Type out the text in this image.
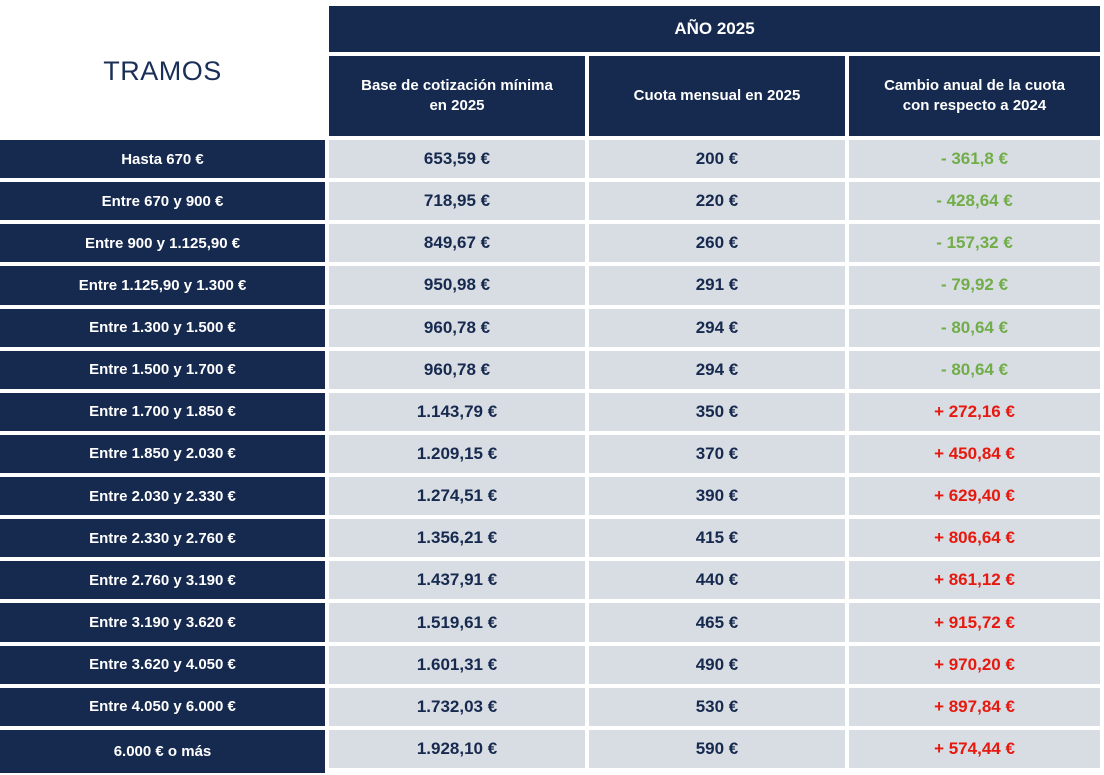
TRAMOS
AÑO 2025
Base de cotización mínima en 2025
Cuota mensual en 2025
Cambio anual de la cuota con respecto a 2024
Hasta 670 €	653,59 €	200 €	- 361,8 €
Entre 670 y 900 €	718,95 €	220 €	- 428,64 €
Entre 900 y 1.125,90 €	849,67 €	260 €	- 157,32 €
Entre 1.125,90 y 1.300 €	950,98 €	291 €	- 79,92 €
Entre 1.300 y 1.500 €	960,78 €	294 €	- 80,64 €
Entre 1.500 y 1.700 €	960,78 €	294 €	- 80,64 €
Entre 1.700 y 1.850 €	1.143,79 €	350 €	+ 272,16 €
Entre 1.850 y 2.030 €	1.209,15 €	370 €	+ 450,84 €
Entre 2.030 y 2.330 €	1.274,51 €	390 €	+ 629,40 €
Entre 2.330 y 2.760 €	1.356,21 €	415 €	+ 806,64 €
Entre 2.760 y 3.190 €	1.437,91 €	440 €	+ 861,12 €
Entre 3.190 y 3.620 €	1.519,61 €	465 €	+ 915,72 €
Entre 3.620 y 4.050 €	1.601,31 €	490 €	+ 970,20 €
Entre 4.050 y 6.000 €	1.732,03 €	530 €	+ 897,84 €
6.000 € o más	1.928,10 €	590 €	+ 574,44 €
